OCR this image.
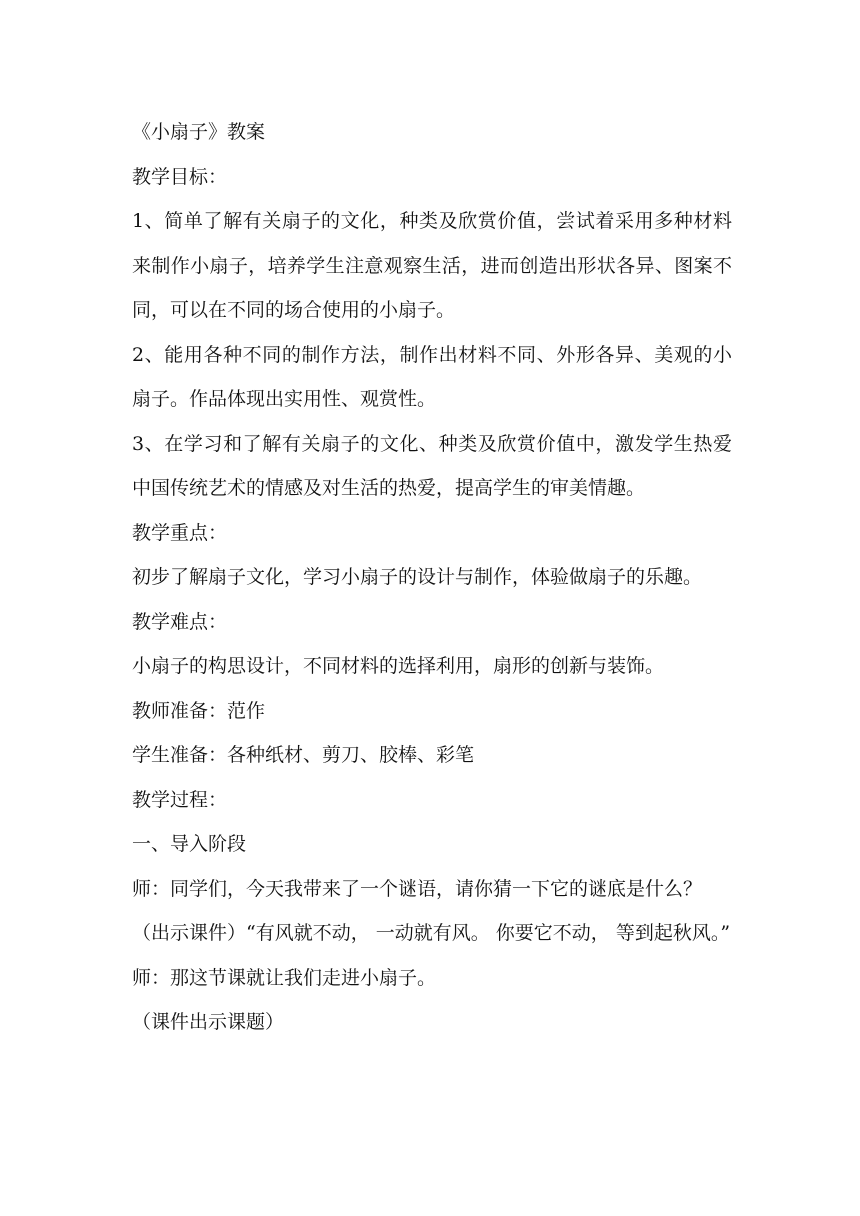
《小扇子》教案

教学目标：

1、简单了解有关扇子的文化，种类及欣赏价值，尝试着采用多种材料来制作小扇子，培养学生注意观察生活，进而创造出形状各异、图案不同，可以在不同的场合使用的小扇子。

2、能用各种不同的制作方法，制作出材料不同、外形各异、美观的小扇子。作品体现出实用性、观赏性。

3、在学习和了解有关扇子的文化、种类及欣赏价值中，激发学生热爱中国传统艺术的情感及对生活的热爱，提高学生的审美情趣。

教学重点：

初步了解扇子文化，学习小扇子的设计与制作，体验做扇子的乐趣。

教学难点：

小扇子的构思设计，不同材料的选择利用，扇形的创新与装饰。

教师准备：范作

学生准备：各种纸材、剪刀、胶棒、彩笔

教学过程：

一、导入阶段

师：同学们，今天我带来了一个谜语，请你猜一下它的谜底是什么？

（出示课件）“有风就不动， 一动就有风。 你要它不动， 等到起秋风。”

师：那这节课就让我们走进小扇子。

（课件出示课题）
